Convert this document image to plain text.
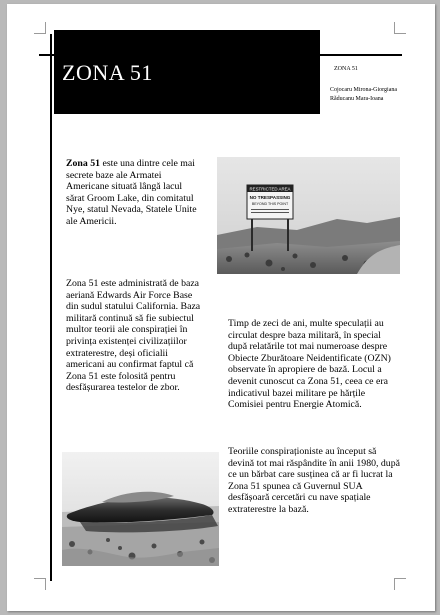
ZONA 51	ZONA 51
Cojocaru Mirona-Giorgiana
Răducanu Mara-Ioana

Zona 51 este una dintre cele mai secrete baze ale Armatei Americane situată lângă lacul sărat Groom Lake, din comitatul Nye, statul Nevada, Statele Unite ale Americii.

Zona 51 este administrată de baza aeriană Edwards Air Force Base din sudul statului California. Baza militară continuă să fie subiectul multor teorii ale conspirației în privința existenței civilizațiilor extraterestre, deși oficialii americani au confirmat faptul că Zona 51 este folosită pentru desfășurarea testelor de zbor.

Timp de zeci de ani, multe speculații au circulat despre baza militară, în special după relatările tot mai numeroase despre Obiecte Zburătoare Neidentificate (OZN) observate în apropiere de bază. Locul a devenit cunoscut ca Zona 51, ceea ce era indicativul bazei militare pe hărțile Comisiei pentru Energie Atomică.

Teoriile conspiraționiste au început să devină tot mai răspândite în anii 1980, după ce un bărbat care susținea că ar fi lucrat la Zona 51 spunea că Guvernul SUA desfășoară cercetări cu nave spațiale extraterestre la bază.

RESTRICTED AREA
NO TRESPASSING
BEYOND THIS POINT
